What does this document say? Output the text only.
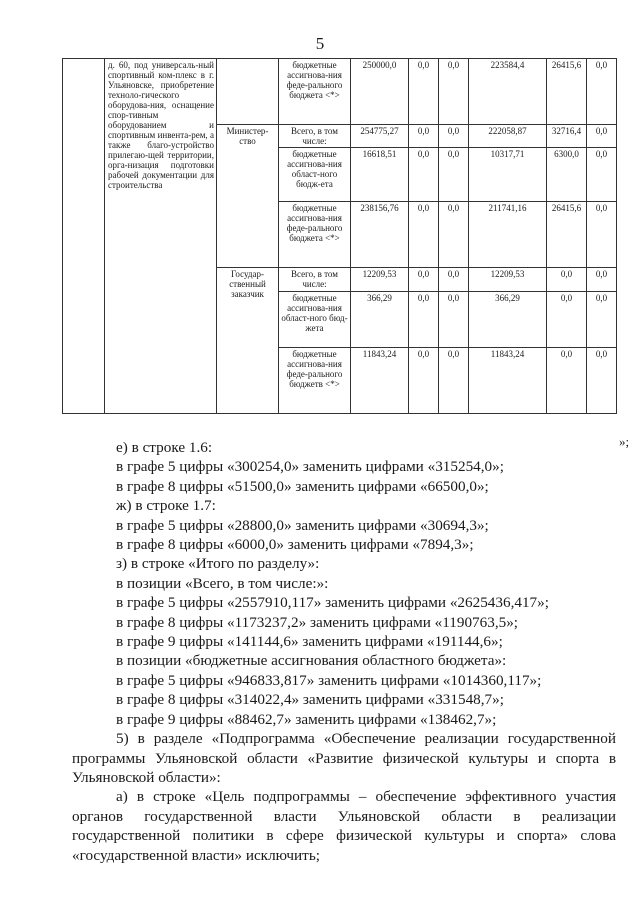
5
	д. 60, под универсаль-ный спортивный ком-плекс в г. Ульяновске, приобретение техноло-гического оборудова-ния, оснащение спор-тивным оборудованием и спортивным инвента-рем, а также благо-устройство прилегаю-щей территории, орга-низация подготовки рабочей документации для строительства		бюджетные ассигнова-ния феде-рального бюджета <*>	250000,0	0,0	0,0	223584,4	26415,6	0,0
		Министер-ство	Всего, в том числе:	254775,27	0,0	0,0	222058,87	32716,4	0,0
			бюджетные ассигнова-ния област-ного бюдж-ета	16618,51	0,0	0,0	10317,71	6300,0	0,0
			бюджетные ассигнова-ния феде-рального бюджета <*>	238156,76	0,0	0,0	211741,16	26415,6	0,0
		Государ-ственный заказчик	Всего, в том числе:	12209,53	0,0	0,0	12209,53	0,0	0,0
			бюджетные ассигнова-ния област-ного бюд-жета	366,29	0,0	0,0	366,29	0,0	0,0
			бюджетные ассигнова-ния феде-рального бюджетв <*>	11843,24	0,0	0,0	11843,24	0,0	0,0
»;
е) в строке 1.6:
в графе 5 цифры «300254,0» заменить цифрами «315254,0»;
в графе 8 цифры «51500,0» заменить цифрами «66500,0»;
ж) в строке 1.7:
в графе 5 цифры «28800,0» заменить цифрами «30694,3»;
в графе 8 цифры «6000,0» заменить цифрами «7894,3»;
з) в строке «Итого по разделу»:
в позиции «Всего, в том числе:»:
в графе 5 цифры «2557910,117» заменить цифрами «2625436,417»;
в графе 8 цифры «1173237,2» заменить цифрами «1190763,5»;
в графе 9 цифры «141144,6» заменить цифрами «191144,6»;
в позиции «бюджетные ассигнования областного бюджета»:
в графе 5 цифры «946833,817» заменить цифрами «1014360,117»;
в графе 8 цифры «314022,4» заменить цифрами «331548,7»;
в графе 9 цифры «88462,7» заменить цифрами «138462,7»;
5) в разделе «Подпрограмма «Обеспечение реализации государственной программы Ульяновской области «Развитие физической культуры и спорта в Ульяновской области»:
а) в строке «Цель подпрограммы – обеспечение эффективного участия органов государственной власти Ульяновской области в реализации государственной политики в сфере физической культуры и спорта» слова «государственной власти» исключить;
